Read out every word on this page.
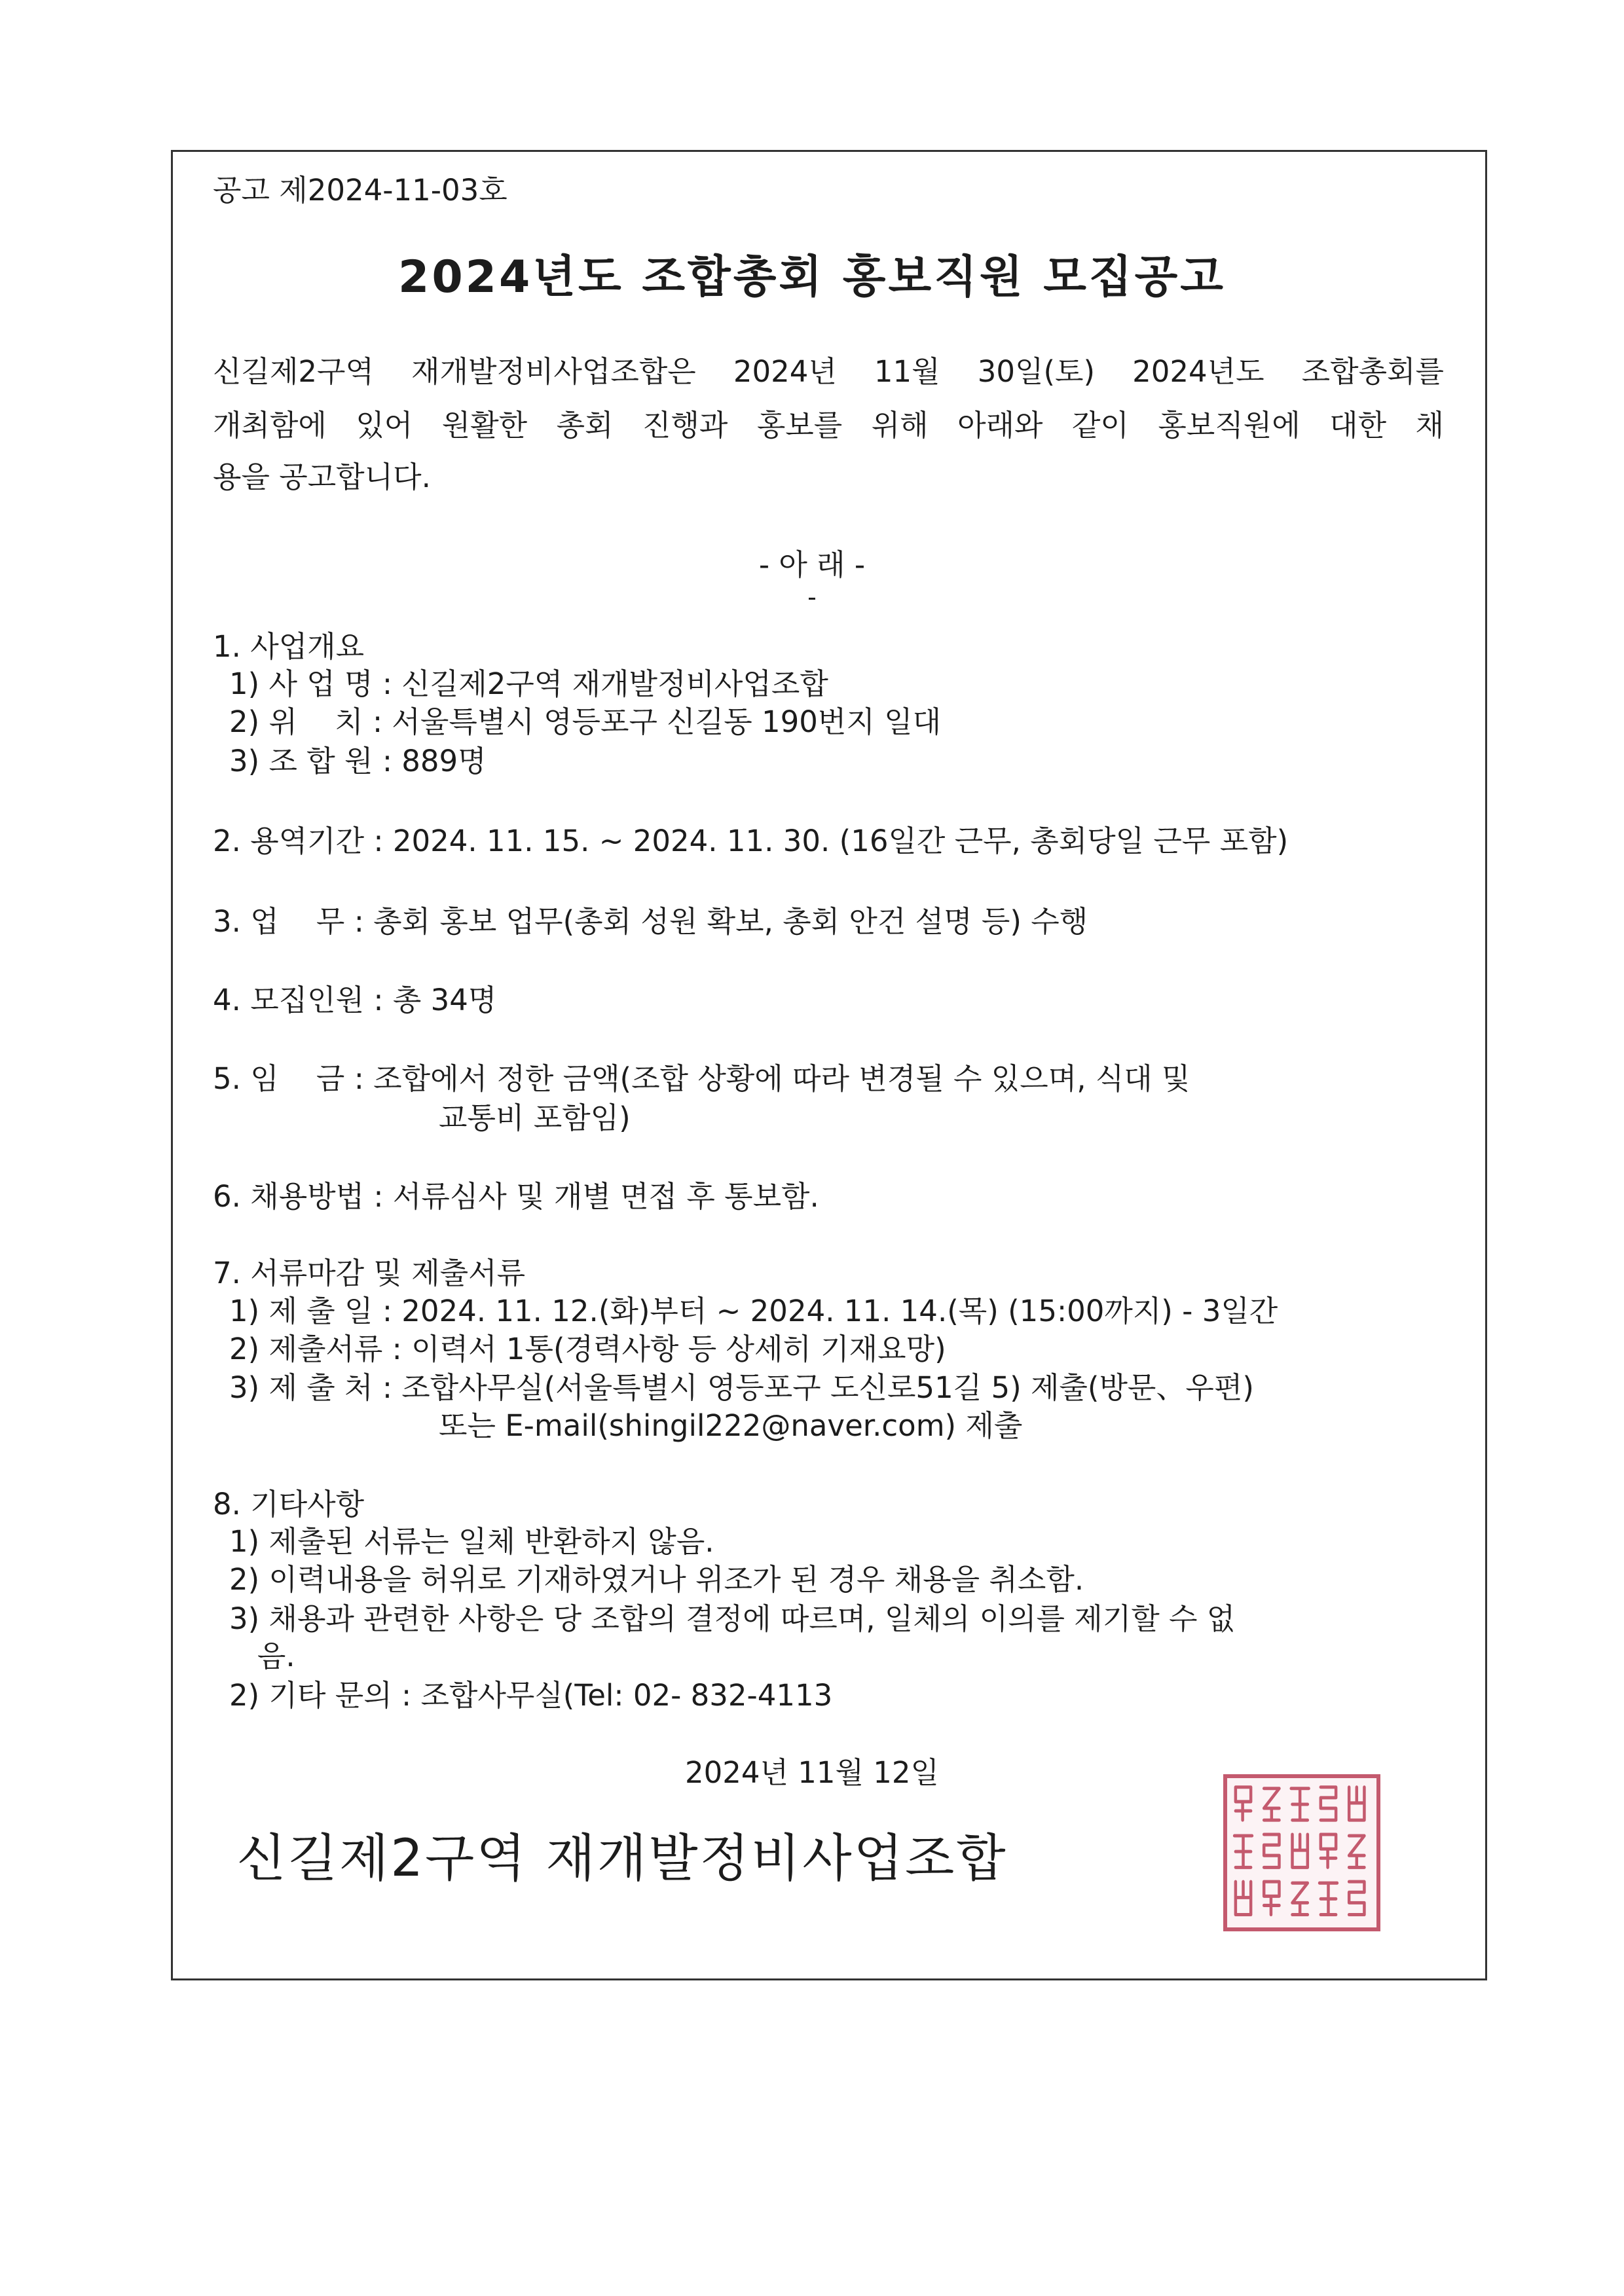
공고 제2024-11-03호
2024년도 조합총회 홍보직원 모집공고
신길제2구역 재개발정비사업조합은 2024년 11월 30일(토) 2024년도 조합총회를
개최함에 있어 원활한 총회 진행과 홍보를 위해 아래와 같이 홍보직원에 대한 채
용을 공고합니다.
- 아 래 -
-
1. 사업개요
1) 사 업 명 : 신길제2구역 재개발정비사업조합
2) 위    치 : 서울특별시 영등포구 신길동 190번지 일대
3) 조 합 원 : 889명
2. 용역기간 : 2024. 11. 15. ~ 2024. 11. 30. (16일간 근무, 총회당일 근무 포함)
3. 업    무 : 총회 홍보 업무(총회 성원 확보, 총회 안건 설명 등) 수행
4. 모집인원 : 총 34명
5. 임    금 : 조합에서 정한 금액(조합 상황에 따라 변경될 수 있으며, 식대 및
교통비 포함임)
6. 채용방법 : 서류심사 및 개별 면접 후 통보함.
7. 서류마감 및 제출서류
1) 제 출 일 : 2024. 11. 12.(화)부터 ~ 2024. 11. 14.(목) (15:00까지) - 3일간
2) 제출서류 : 이력서 1통(경력사항 등 상세히 기재요망)
3) 제 출 처 : 조합사무실(서울특별시 영등포구 도신로51길 5) 제출(방문、우편)
또는 E-mail(shingil222@naver.com) 제출
8. 기타사항
1) 제출된 서류는 일체 반환하지 않음.
2) 이력내용을 허위로 기재하였거나 위조가 된 경우 채용을 취소함.
3) 채용과 관련한 사항은 당 조합의 결정에 따르며, 일체의 이의를 제기할 수 없
음.
2) 기타 문의 : 조합사무실(Tel: 02- 832-4113
2024년 11월 12일
신길제2구역 재개발정비사업조합
